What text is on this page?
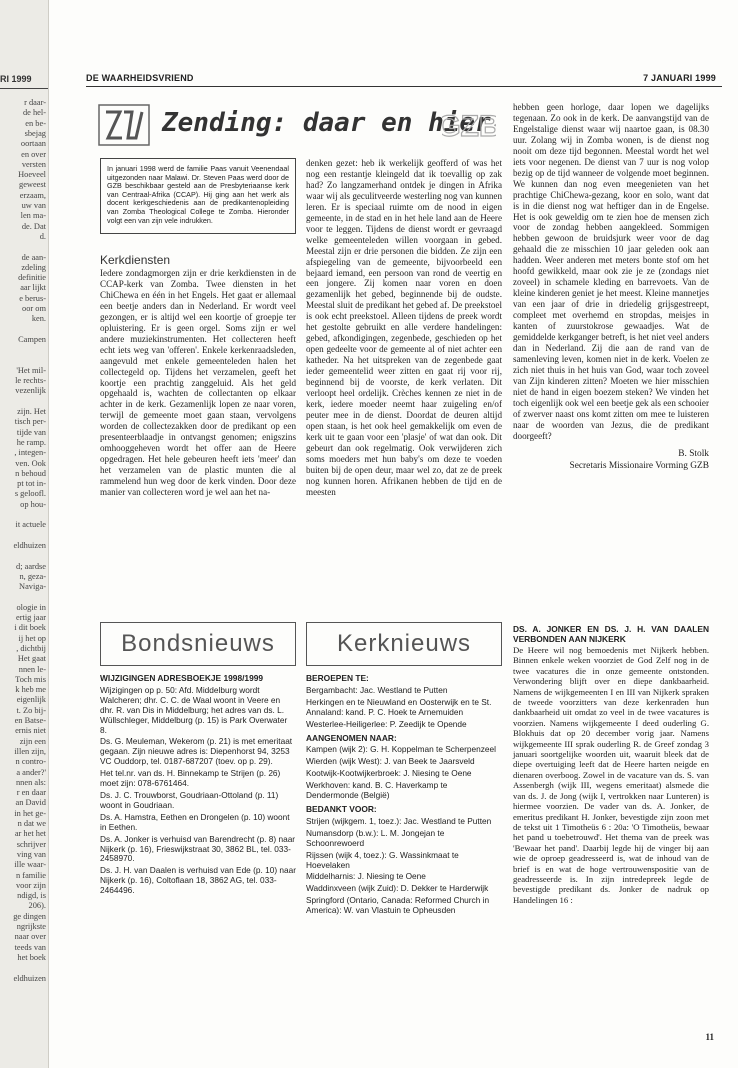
RI 1999
r daar-
de hel-
en be-
sbejag
oortaan
en over
versten
Hoeveel
geweest
erzaam,
uw van
len ma-
de. Dat
d.
de aan-
zdeling
definitie
aar lijkt
e berus-
oor om
ken.
Campen
'Het mil-
le rechts-
vezenlijk
zijn. Het
tisch per-
tijde van
he ramp.
, integen-
ven. Ook
n behoud
pt tot in-
s geloofl.
op hou-
it actuele
eldhuizen
d; aardse
n, geza-
Naviga-
ologie in
ertig jaar
i dit boek
ij het op
, dichtbij
Het gaat
nnen le-
Toch mis
k heb me
eigenlijk
t. Zo bij-
en Batse-
ernis niet
zijn een
illen zijn,
n contro-
a ander?'
nnen als:
r en daar
an David
in het ge-
n dat we
ar het het
schrijver
ving van
ille waar-
n familie
voor zijn
ndigd, is
206).
ge dingen
ngrijkste
naar over
teeds van
het boek
eldhuizen
DE WAARHEIDSVRIEND	7 JANUARI 1999
Zending: daar en hier
GZB
In januari 1998 werd de familie Paas vanuit Veenendaal uitgezonden naar Malawi. Dr. Steven Paas werd door de GZB beschikbaar gesteld aan de Presbyteriaanse kerk van Centraal-Afrika (CCAP). Hij ging aan het werk als docent kerkgeschiedenis aan de predikantenopleiding van Zomba Theological College te Zomba. Hieronder volgt een van zijn vele indrukken.
Kerkdiensten

Iedere zondagmorgen zijn er drie kerkdiensten in de CCAP-kerk van Zomba. Twee diensten in het ChiChewa en één in het Engels. Het gaat er allemaal een beetje anders dan in Nederland. Er wordt veel gezongen, er is altijd wel een koortje of groepje ter opluistering. Er is geen orgel. Soms zijn er wel andere muziekinstrumenten. Het collecteren heeft echt iets weg van 'offeren'. Enkele kerkenraadsleden, aangevuld met enkele gemeenteleden halen het collectegeld op. Tijdens het verzamelen, geeft het koortje een prachtig zanggeluid. Als het geld opgehaald is, wachten de collectanten op elkaar achter in de kerk. Gezamenlijk lopen ze naar voren, terwijl de gemeente moet gaan staan, vervolgens worden de collectezakken door de predikant op een presenteerblaadje in ontvangst genomen; enigszins omhooggeheven wordt het offer aan de Heere opgedragen. Het hele gebeuren heeft iets 'meer' dan het verzamelen van de plastic munten die al rammelend hun weg door de kerk vinden. Door deze manier van collecteren word je wel aan het na-

denken gezet: heb ik werkelijk geofferd of was het nog een restantje kleingeld dat ik toevallig op zak had? Zo langzamerhand ontdek je dingen in Afrika waar wij als geculitveerde westerling nog van kunnen leren. Er is speciaal ruimte om de nood in eigen gemeente, in de stad en in het hele land aan de Heere voor te leggen. Tijdens de dienst wordt er gevraagd welke gemeenteleden willen voorgaan in gebed. Meestal zijn er drie personen die bidden. Ze zijn een afspiegeling van de gemeente, bijvoorbeeld een bejaard iemand, een persoon van rond de veertig en een jongere. Zij komen naar voren en doen gezamenlijk het gebed, beginnende bij de oudste. Meestal sluit de predikant het gebed af. De preekstoel is ook echt preekstoel. Alleen tijdens de preek wordt het gestolte gebruikt en alle verdere handelingen: gebed, afkondigingen, zegenbede, geschieden op het open gedeelte voor de gemeente al of niet achter een katheder. Na het uitspreken van de zegenbede gaat ieder gemeentelid weer zitten en gaat rij voor rij, beginnend bij de voorste, de kerk verlaten. Dit verloopt heel ordelijk. Crèches kennen ze niet in de kerk, iedere moeder neemt haar zuigeling en/of peuter mee in de dienst. Doordat de deuren altijd open staan, is het ook heel gemakkelijk om even de kerk uit te gaan voor een 'plasje' of wat dan ook. Dit gebeurt dan ook regelmatig. Ook verwijderen zich soms moeders met hun baby's om deze te voeden buiten bij de open deur, maar wel zo, dat ze de preek nog kunnen horen. Afrikanen hebben de tijd en de meesten

hebben geen horloge, daar lopen we dagelijks tegenaan. Zo ook in de kerk. De aanvangstijd van de Engelstalige dienst waar wij naartoe gaan, is 08.30 uur. Zolang wij in Zomba wonen, is de dienst nog nooit om deze tijd begonnen. Meestal wordt het wel iets voor negenen. De dienst van 7 uur is nog volop bezig op de tijd wanneer de volgende moet beginnen. We kunnen dan nog even meegenieten van het prachtige ChiChewa-gezang, koor en solo, want dat is in die dienst nog wat heftiger dan in de Engelse. Het is ook geweldig om te zien hoe de mensen zich voor de zondag hebben aangekleed. Sommigen hebben gewoon de bruidsjurk weer voor de dag gehaald die ze misschien 10 jaar geleden ook aan hadden. Weer anderen met meters bonte stof om het hoofd gewikkeld, maar ook zie je ze (zondags niet zoveel) in schamele kleding en barrevoets. Van de kleine kinderen geniet je het meest. Kleine mannetjes van een jaar of drie in driedelig grijsgestreept, compleet met overhemd en stropdas, meisjes in kanten of zuurstokrose gewaadjes. Wat de gemiddelde kerkganger betreft, is het niet veel anders dan in Nederland. Zij die aan de rand van de samenleving leven, komen niet in de kerk. Voelen ze zich niet thuis in het huis van God, waar toch zoveel van Zijn kinderen zitten? Moeten we hier misschien niet de hand in eigen boezem steken? We vinden het toch eigenlijk ook wel een beetje gek als een schooier of zwerver naast ons komt zitten om mee te luisteren naar de woorden van Jezus, die de predikant doorgeeft?

B. Stolk
Secretaris Missionaire Vorming GZB
Bondsnieuws

WIJZIGINGEN ADRESBOEKJE 1998/1999

Wijzigingen op p. 50: Afd. Middelburg wordt Walcheren; dhr. C. C. de Waal woont in Veere en dhr. R. van Dis in Middelburg; het adres van ds. L. Wüllschleger, Middelburg (p. 15) is Park Overwater 8.

Ds. G. Meuleman, Wekerom (p. 21) is met emeritaat gegaan. Zijn nieuwe adres is: Diepenhorst 94, 3253 VC Ouddorp, tel. 0187-687207 (toev. op p. 29).

Het tel.nr. van ds. H. Binnekamp te Strijen (p. 26) moet zijn: 078-6761464.

Ds. J. C. Trouwborst, Goudriaan-Ottoland (p. 11) woont in Goudriaan.

Ds. A. Hamstra, Eethen en Drongelen (p. 10) woont in Eethen.

Ds. A. Jonker is verhuisd van Barendrecht (p. 8) naar Nijkerk (p. 16), Frieswijkstraat 30, 3862 BL, tel. 033-2458970.

Ds. J. H. van Daalen is verhuisd van Ede (p. 10) naar Nijkerk (p. 16), Coltoflaan 18, 3862 AG, tel. 033-2464496.

Kerknieuws

BEROEPEN TE:

Bergambacht: Jac. Westland te Putten

Herkingen en te Nieuwland en Oosterwijk en te St. Annaland: kand. P. C. Hoek te Arnemuiden

Westerlee-Heiligerlee: P. Zeedijk te Opende

AANGENOMEN NAAR:

Kampen (wijk 2): G. H. Koppelman te Scherpenzeel

Wierden (wijk West): J. van Beek te Jaarsveld

Kootwijk-Kootwijkerbroek: J. Niesing te Oene

Werkhoven: kand. B. C. Haverkamp te Dendermonde (België)

BEDANKT VOOR:

Strijen (wijkgem. 1, toez.): Jac. Westland te Putten

Numansdorp (b.w.): L. M. Jongejan te Schoonrewoerd

Rijssen (wijk 4, toez.): G. Wassinkmaat te Hoevelaken

Middelharnis: J. Niesing te Oene

Waddinxveen (wijk Zuid): D. Dekker te Harderwijk

Springford (Ontario, Canada: Reformed Church in America): W. van Vlastuin te Opheusden

DS. A. JONKER EN DS. J. H. VAN DAALEN VERBONDEN AAN NIJKERK

De Heere wil nog bemoedenis met Nijkerk hebben. Binnen enkele weken voorziet de God Zelf nog in de twee vacatures die in onze gemeente ontstonden. Verwondering blijft over en diepe dankbaarheid. Namens de wijkgemeenten I en III van Nijkerk spraken de tweede voorzitters van deze kerkenraden hun dankbaarheid uit omdat zo veel in de twee vacatures is voorzien. Namens wijkgemeente I deed ouderling G. Blokhuis dat op 20 december vorig jaar. Namens wijkgemeente III sprak ouderling R. de Greef zondag 3 januari soortgelijke woorden uit, waaruit bleek dat de diepe overtuiging leeft dat de Heere harten neigde en dienaren overboog. Zowel in de vacature van ds. S. van Assenbergh (wijk III, wegens emeritaat) alsmede die van ds. J. de Jong (wijk I, vertrokken naar Lunteren) is hiermee voorzien. De vader van ds. A. Jonker, de emeritus predikant H. Jonker, bevestigde zijn zoon met de tekst uit 1 Timotheüs 6 : 20a: 'O Timotheüs, bewaar het pand u toebetrouwd'. Het thema van de preek was 'Bewaar het pand'. Daarbij legde hij de vinger bij aan wie de oproep geadresseerd is, wat de inhoud van de brief is en wat de hoge vertrouwenspositie van de geadresseerde is. In zijn intredepreek legde de bevestigde predikant ds. Jonker de nadruk op Handelingen 16 :

11
